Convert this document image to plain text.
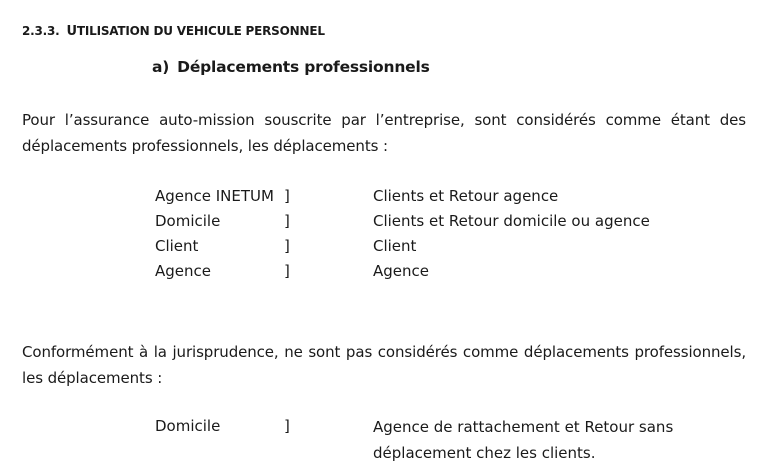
2.3.3. UTILISATION DU VEHICULE PERSONNEL
a) Déplacements professionnels
Pour l’assurance auto-mission souscrite par l’entreprise, sont considérés comme étant des déplacements professionnels, les déplacements :
Agence INETUM ]	Clients et Retour agence
Domicile	]	Clients et Retour domicile ou agence
Client	]	Client
Agence	]	Agence
Conformément à la jurisprudence, ne sont pas considérés comme déplacements professionnels, les déplacements :
Domicile	]	Agence de rattachement et Retour sans déplacement chez les clients.
